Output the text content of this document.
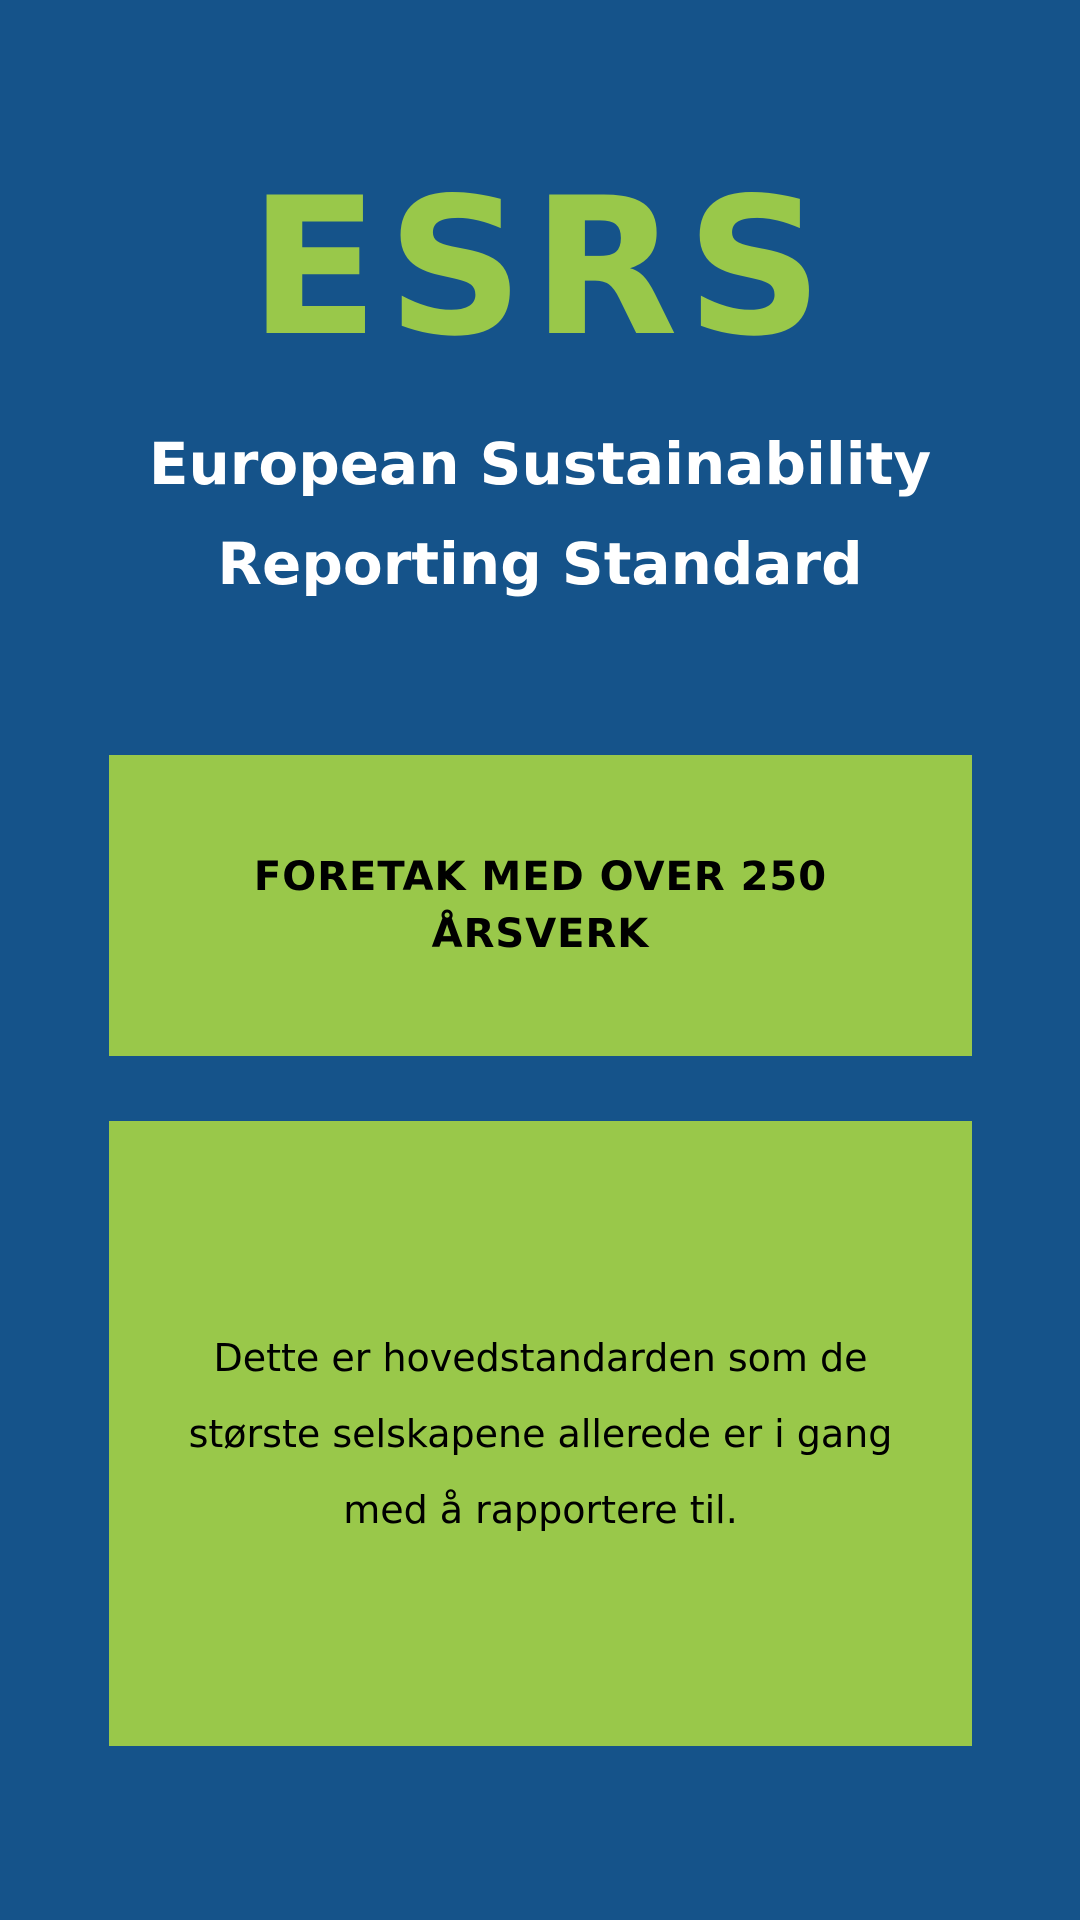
ESRS
European Sustainability
Reporting Standard

FORETAK MED OVER 250
ÅRSVERK

Dette er hovedstandarden som de
største selskapene allerede er i gang
med å rapportere til.
